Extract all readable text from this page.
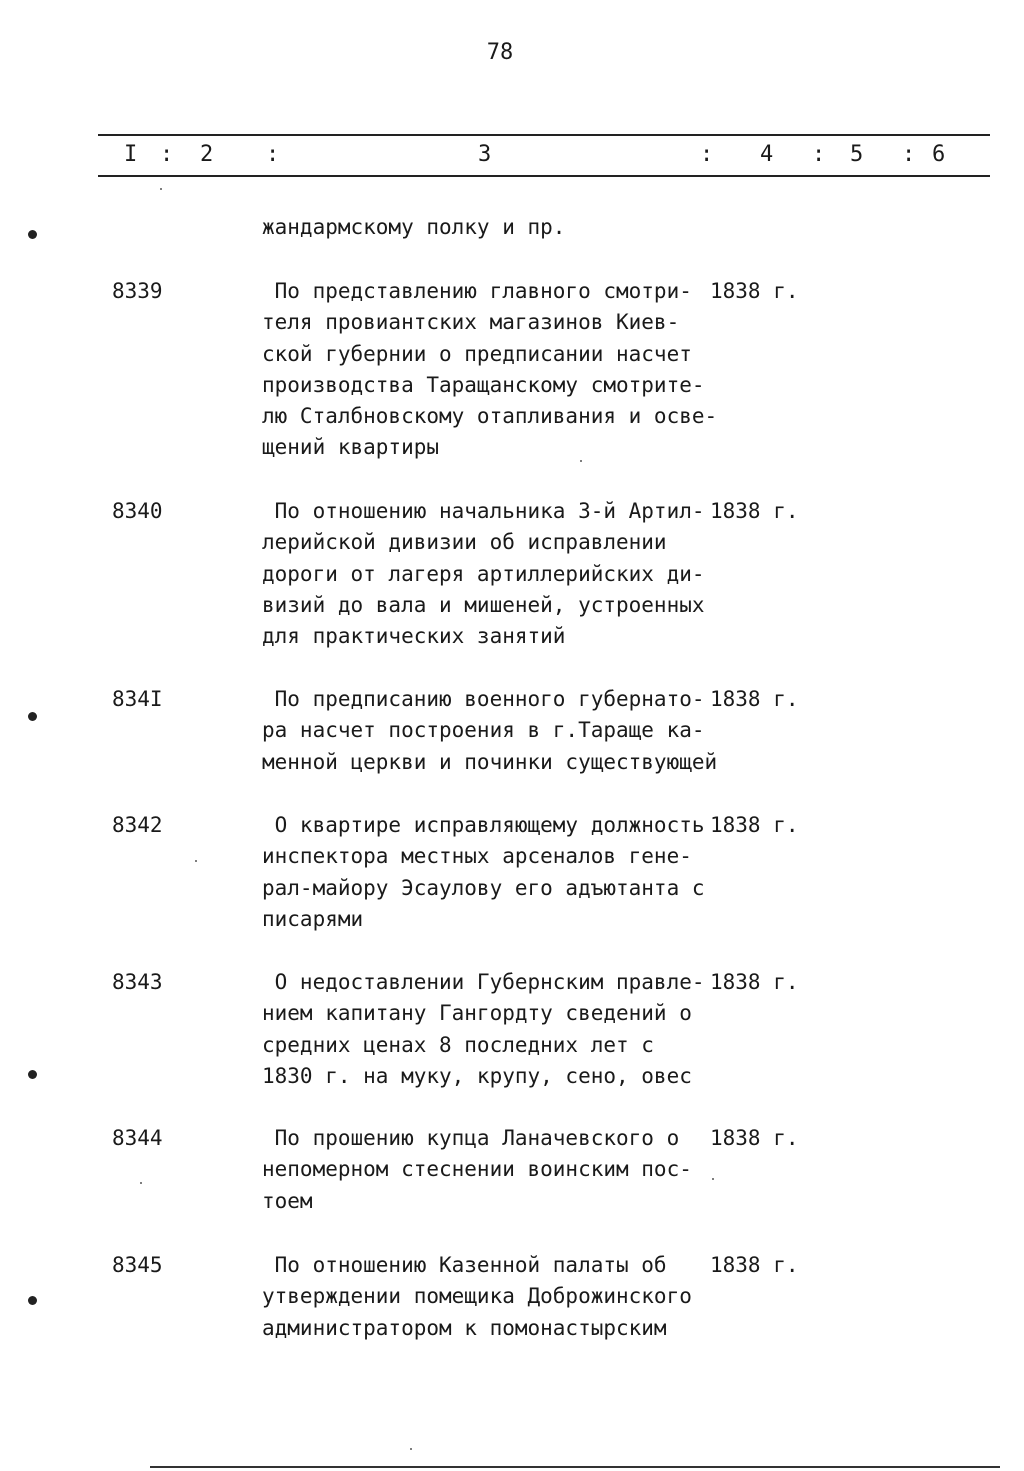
78
I : 2 :	3	: 4 : 5 : 6
жандармскому полку и пр.
8339	По представлению главного смотри-
теля провиантских магазинов Киев-
ской губернии о предписании насчет
производства Таращанскому смотрите-
лю Сталбновскому отапливания и осве-
щений квартиры
1838 г.
8340	По отношению начальника 3-й Артил-
лерийской дивизии об исправлении
дороги от лагеря артиллерийских ди-
визий до вала и мишеней, устроенных
для практических занятий
1838 г.
834I	По предписанию военного губернато-
ра насчет построения в г.Тараще ка-
менной церкви и починки существующей
1838 г.
8342	О квартире исправляющему должность
инспектора местных арсеналов гене-
рал-майору Эсаулову его адъютанта с
писарями
1838 г.
8343	О недоставлении Губернским правле-
нием капитану Гангордту сведений о
средних ценах 8 последних лет с
1830 г. на муку, крупу, сено, овес
1838 г.
8344	По прошению купца Ланачевского о
непомерном стеснении воинским пос-
тоем
1838 г.
8345	По отношению Казенной палаты об
утверждении помещика Доброжинского
администратором к помонастырским
1838 г.
